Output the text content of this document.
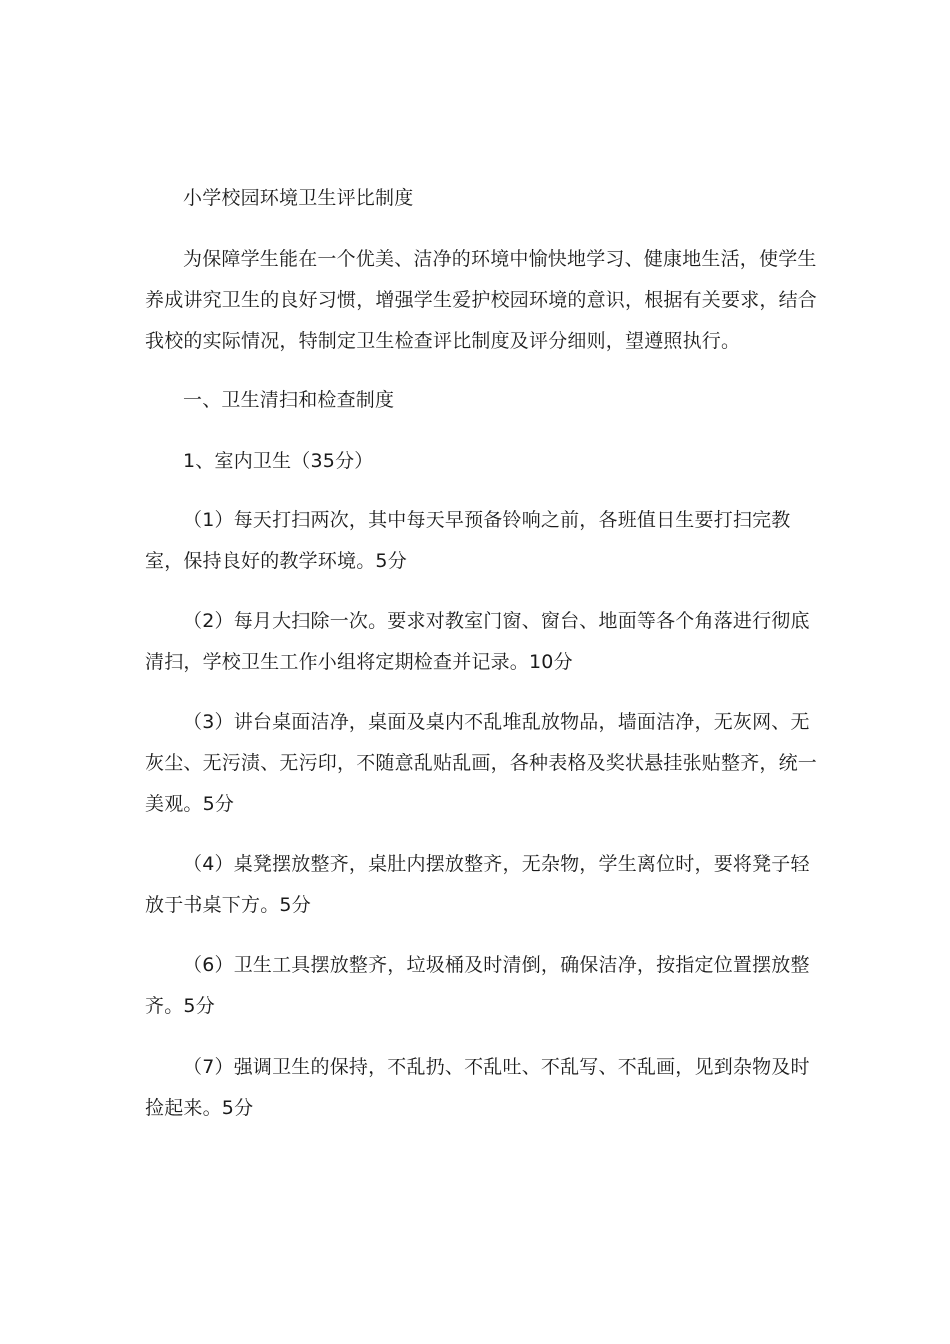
小学校园环境卫生评比制度

为保障学生能在一个优美、洁净的环境中愉快地学习、健康地生活，使学生养成讲究卫生的良好习惯，增强学生爱护校园环境的意识，根据有关要求，结合我校的实际情况，特制定卫生检查评比制度及评分细则，望遵照执行。

一、卫生清扫和检查制度

1、室内卫生（35分）

（1）每天打扫两次，其中每天早预备铃响之前，各班值日生要打扫完教室，保持良好的教学环境。5分

（2）每月大扫除一次。要求对教室门窗、窗台、地面等各个角落进行彻底清扫，学校卫生工作小组将定期检查并记录。10分

（3）讲台桌面洁净，桌面及桌内不乱堆乱放物品，墙面洁净，无灰网、无灰尘、无污渍、无污印，不随意乱贴乱画，各种表格及奖状悬挂张贴整齐，统一美观。5分

（4）桌凳摆放整齐，桌肚内摆放整齐，无杂物，学生离位时，要将凳子轻放于书桌下方。5分

（6）卫生工具摆放整齐，垃圾桶及时清倒，确保洁净，按指定位置摆放整齐。5分

（7）强调卫生的保持，不乱扔、不乱吐、不乱写、不乱画，见到杂物及时捡起来。5分
